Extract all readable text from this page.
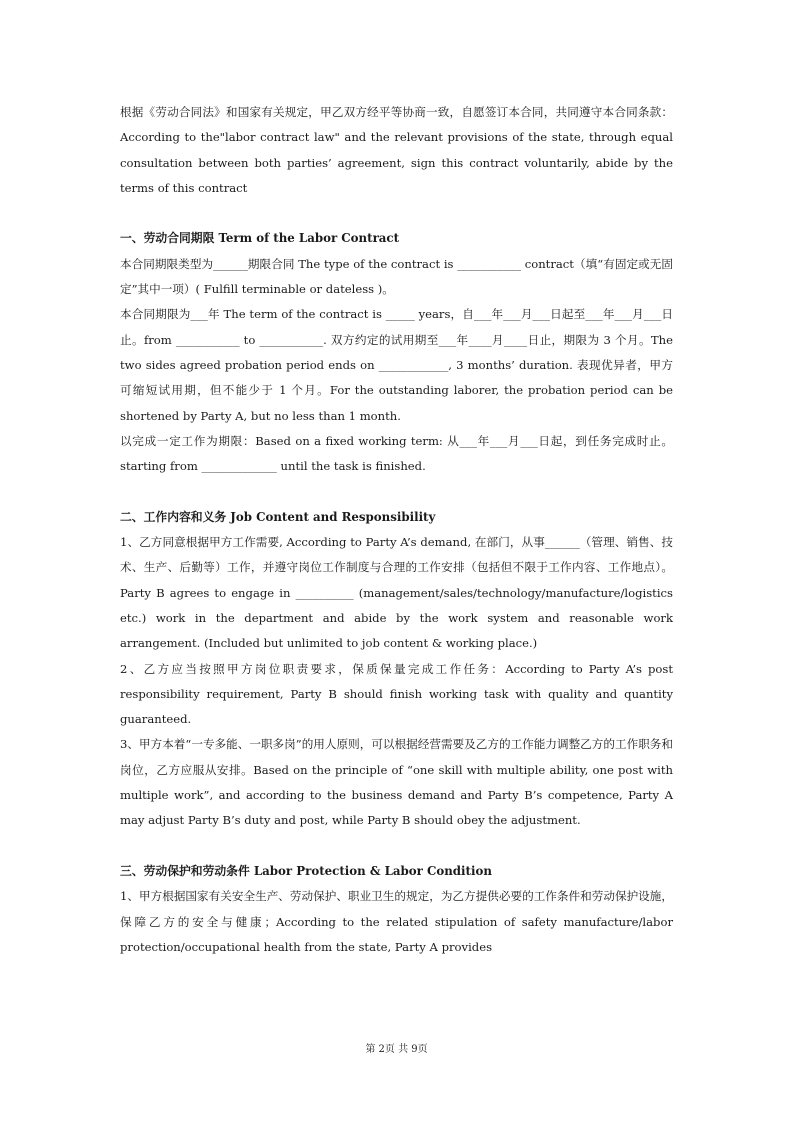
根据《劳动合同法》和国家有关规定，甲乙双方经平等协商一致，自愿签订本合同，共同遵守本合同条款：According to the"labor contract law" and the relevant provisions of the state, through equal consultation between both parties’ agreement, sign this contract voluntarily, abide by the terms of this contract

一、劳动合同期限 Term of the Labor Contract

本合同期限类型为______期限合同 The type of the contract is ___________ contract（填“有固定或无固定”其中一项）( Fulfill terminable or dateless )。

本合同期限为___年 The term of the contract is _____ years，自___年___月___日起至___年___月___日止。from ___________ to ___________. 双方约定的试用期至___年____月____日止，期限为 3 个月。The two sides agreed probation period ends on ____________, 3 months’ duration. 表现优异者，甲方可缩短试用期，但不能少于 1 个月。For the outstanding laborer, the probation period can be shortened by Party A, but no less than 1 month.

以完成一定工作为期限：Based on a fixed working term: 从___年___月___日起，到任务完成时止。starting from _____________ until the task is finished.

二、工作内容和义务 Job Content and Responsibility

1、乙方同意根据甲方工作需要, According to Party A’s demand, 在部门，从事______（管理、销售、技术、生产、后勤等）工作，并遵守岗位工作制度与合理的工作安排（包括但不限于工作内容、工作地点）。 Party B agrees to engage in __________ (management/sales/technology/manufacture/logistics etc.) work in the department and abide by the work system and reasonable work arrangement. (Included but unlimited to job content & working place.)

2、乙方应当按照甲方岗位职责要求，保质保量完成工作任务：According to Party A’s post responsibility requirement, Party B should finish working task with quality and quantity guaranteed.

3、甲方本着“一专多能、一职多岗”的用人原则，可以根据经营需要及乙方的工作能力调整乙方的工作职务和岗位，乙方应服从安排。Based on the principle of “one skill with multiple ability, one post with multiple work”, and according to the business demand and Party B’s competence, Party A may adjust Party B’s duty and post, while Party B should obey the adjustment.

三、劳动保护和劳动条件 Labor Protection & Labor Condition

1、甲方根据国家有关安全生产、劳动保护、职业卫生的规定，为乙方提供必要的工作条件和劳动保护设施，保障乙方的安全与健康；According to the related stipulation of safety manufacture/labor protection/occupational health from the state, Party A provides

第 2页 共 9页
